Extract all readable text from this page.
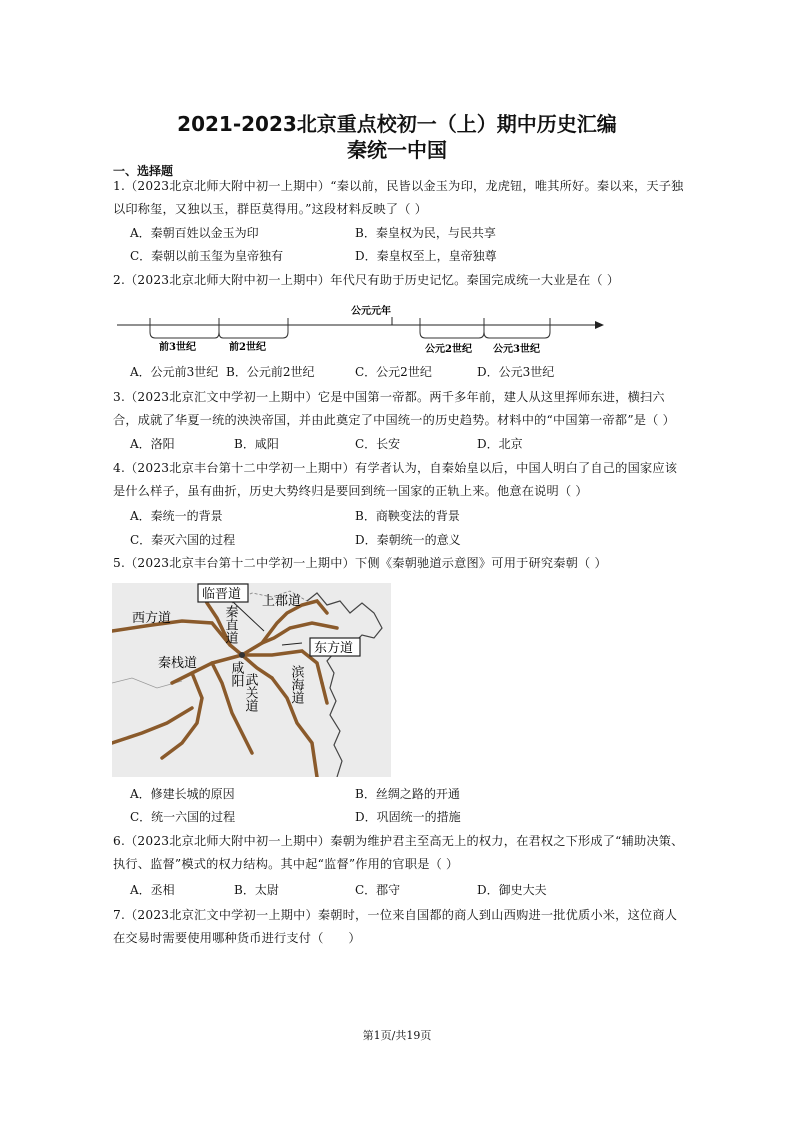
2021-2023北京重点校初一（上）期中历史汇编
秦统一中国
一、选择题
1.（2023北京北师大附中初一上期中）“秦以前，民皆以金玉为印，龙虎钮，唯其所好。秦以来，天子独以印称玺，又独以玉，群臣莫得用。”这段材料反映了（ ）
A．秦朝百姓以金玉为印	B．秦皇权为民，与民共享
C．秦朝以前玉玺为皇帝独有	D．秦皇权至上，皇帝独尊
2.（2023北京北师大附中初一上期中）年代尺有助于历史记忆。秦国完成统一大业是在（ ）
公元元年
前3世纪	前2世纪	公元2世纪 公元3世纪
A．公元前3世纪 B．公元前2世纪	C．公元2世纪	D．公元3世纪
3.（2023北京汇文中学初一上期中）它是中国第一帝都。两千多年前，建人从这里挥师东进，横扫六合，成就了华夏一统的泱泱帝国，并由此奠定了中国统一的历史趋势。材料中的“中国第一帝都”是（ ）
A．洛阳	B．咸阳	C．长安	D．北京
4.（2023北京丰台第十二中学初一上期中）有学者认为，自秦始皇以后，中国人明白了自己的国家应该是什么样子，虽有曲折，历史大势终归是要回到统一国家的正轨上来。他意在说明（ ）
A．秦统一的背景	B．商鞅变法的背景
C．秦灭六国的过程	D．秦朝统一的意义
5.（2023北京丰台第十二中学初一上期中）下侧《秦朝驰道示意图》可用于研究秦朝（ ）
临晋道
东方道
西方道
上郡道
秦栈道
秦直道
咸阳 武关道 滨海道
A．修建长城的原因	B．丝绸之路的开通
C．统一六国的过程	D．巩固统一的措施
6.（2023北京北师大附中初一上期中）秦朝为维护君主至高无上的权力，在君权之下形成了“辅助决策、执行、监督”模式的权力结构。其中起“监督”作用的官职是（ ）
A．丞相	B．太尉	C．郡守	D．御史大夫
7.（2023北京汇文中学初一上期中）秦朝时，一位来自国都的商人到山西购进一批优质小米，这位商人在交易时需要使用哪种货币进行支付（　　）
第1页/共19页
